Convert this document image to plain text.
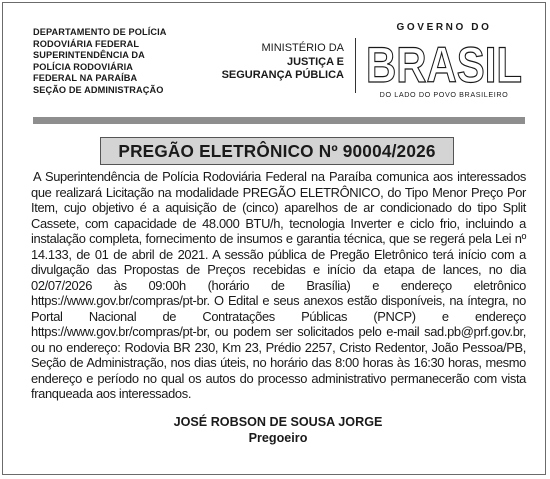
DEPARTAMENTO DE POLÍCIA
RODOVIÁRIA FEDERAL
SUPERINTENDÊNCIA DA
POLÍCIA RODOVIÁRIA
FEDERAL NA PARAÍBA
SEÇÃO DE ADMINISTRAÇÃO
MINISTÉRIO DA
JUSTIÇA E
SEGURANÇA PÚBLICA
GOVERNO DO
BRASIL
DO LADO DO POVO BRASILEIRO
PREGÃO ELETRÔNICO Nº 90004/2026

A Superintendência de Polícia Rodoviária Federal na Paraíba comunica aos interessados que realizará Licitação na modalidade PREGÃO ELETRÔNICO, do Tipo Menor Preço Por Item, cujo objetivo é a aquisição de (cinco) aparelhos de ar condicionado do tipo Split Cassete, com capacidade de 48.000 BTU/h, tecnologia Inverter e ciclo frio, incluindo a instalação completa, fornecimento de insumos e garantia técnica, que se regerá pela Lei nº 14.133, de 01 de abril de 2021. A sessão pública de Pregão Eletrônico terá início com a divulgação das Propostas de Preços recebidas e início da etapa de lances, no dia 02/07/2026 às 09:00h (horário de Brasília) e endereço eletrônico https://www.gov.br/compras/pt-br. O Edital e seus anexos estão disponíveis, na íntegra, no Portal Nacional de Contratações Públicas (PNCP) e endereço https://www.gov.br/compras/pt-br, ou podem ser solicitados pelo e-mail sad.pb@prf.gov.br, ou no endereço: Rodovia BR 230, Km 23, Prédio 2257, Cristo Redentor, João Pessoa/PB, Seção de Administração, nos dias úteis, no horário das 8:00 horas às 16:30 horas, mesmo endereço e período no qual os autos do processo administrativo permanecerão com vista franqueada aos interessados.

JOSÉ ROBSON DE SOUSA JORGE
Pregoeiro
